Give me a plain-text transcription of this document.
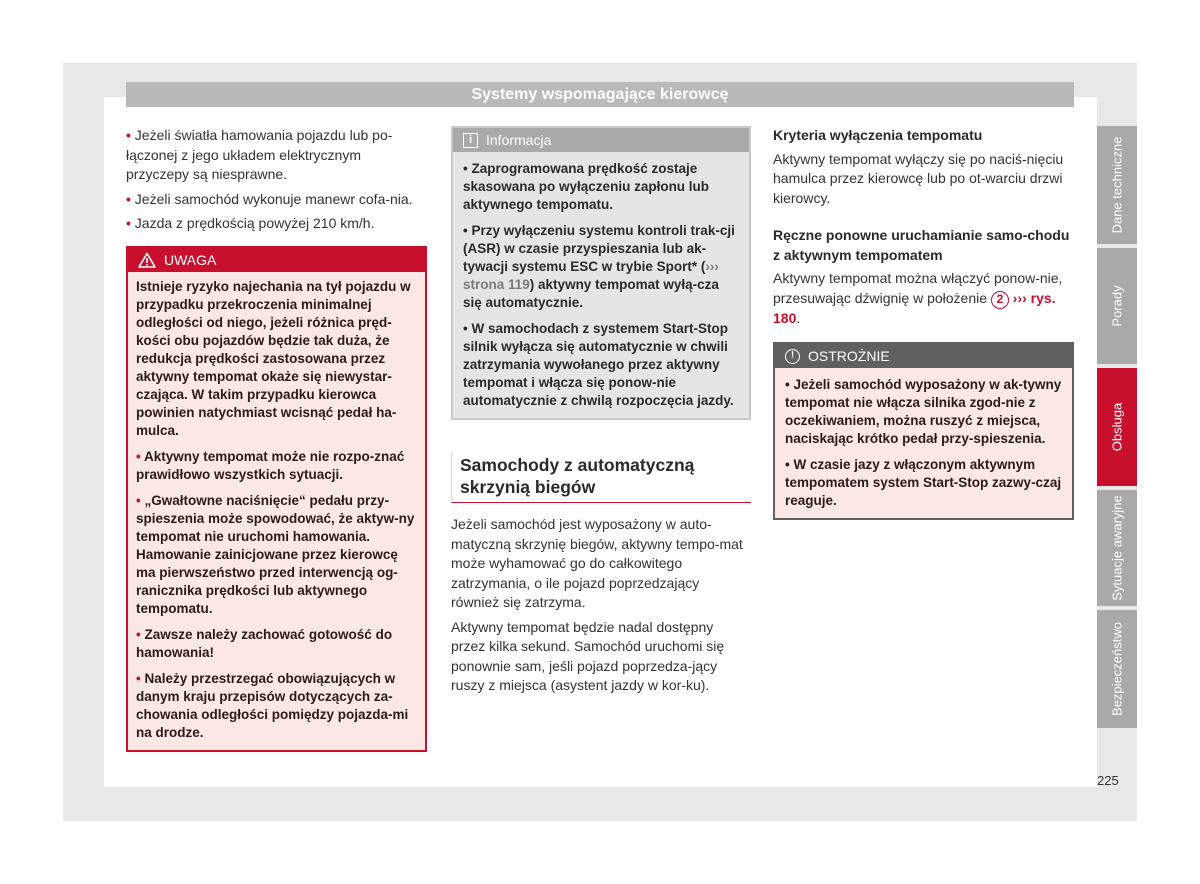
Systemy wspomagające kierowcę

• Jeżeli światła hamowania pojazdu lub po-łączonej z jego układem elektrycznym przyczepy są niesprawne.

• Jeżeli samochód wykonuje manewr cofa-nia.

• Jazda z prędkością powyżej 210 km/h.

UWAGA

Istnieje ryzyko najechania na tył pojazdu w przypadku przekroczenia minimalnej odległości od niego, jeżeli różnica pręd-kości obu pojazdów będzie tak duża, że redukcja prędkości zastosowana przez aktywny tempomat okaże się niewystar-czająca. W takim przypadku kierowca powinien natychmiast wcisnąć pedał ha-mulca.

• Aktywny tempomat może nie rozpo-znać prawidłowo wszystkich sytuacji.

• „Gwałtowne naciśnięcie“ pedału przy-spieszenia może spowodować, że aktyw-ny tempomat nie uruchomi hamowania. Hamowanie zainicjowane przez kierowcę ma pierwszeństwo przed interwencją og-ranicznika prędkości lub aktywnego tempomatu.

• Zawsze należy zachować gotowość do hamowania!

• Należy przestrzegać obowiązujących w danym kraju przepisów dotyczących za-chowania odległości pomiędzy pojazda-mi na drodze.

i Informacja

• Zaprogramowana prędkość zostaje skasowana po wyłączeniu zapłonu lub aktywnego tempomatu.

• Przy wyłączeniu systemu kontroli trak-cji (ASR) w czasie przyspieszania lub ak-tywacji systemu ESC w trybie Sport* (››› strona 119) aktywny tempomat wyłą-cza się automatycznie.

• W samochodach z systemem Start-Stop silnik wyłącza się automatycznie w chwili zatrzymania wywołanego przez aktywny tempomat i włącza się ponow-nie automatycznie z chwilą rozpoczęcia jazdy.

Samochody z automatyczną skrzynią biegów

Jeżeli samochód jest wyposażony w auto-matyczną skrzynię biegów, aktywny tempo-mat może wyhamować go do całkowitego zatrzymania, o ile pojazd poprzedzający również się zatrzyma.

Aktywny tempomat będzie nadal dostępny przez kilka sekund. Samochód uruchomi się ponownie sam, jeśli pojazd poprzedza-jący ruszy z miejsca (asystent jazdy w kor-ku).

Kryteria wyłączenia tempomatu

Aktywny tempomat wyłączy się po naciś-nięciu hamulca przez kierowcę lub po ot-warciu drzwi kierowcy.

Ręczne ponowne uruchamianie samo-chodu z aktywnym tempomatem

Aktywny tempomat można włączyć ponow-nie, przesuwając dźwignię w położenie 2 ››› rys. 180.

! OSTROŻNIE

• Jeżeli samochód wyposażony w ak-tywny tempomat nie włącza silnika zgod-nie z oczekiwaniem, można ruszyć z miejsca, naciskając krótko pedał przy-spieszenia.

• W czasie jazy z włączonym aktywnym tempomatem system Start-Stop zazwy-czaj reaguje.

Dane techniczne
Porady
Obsługa
Sytuacje awaryjne
Bezpieczeństwo
225
